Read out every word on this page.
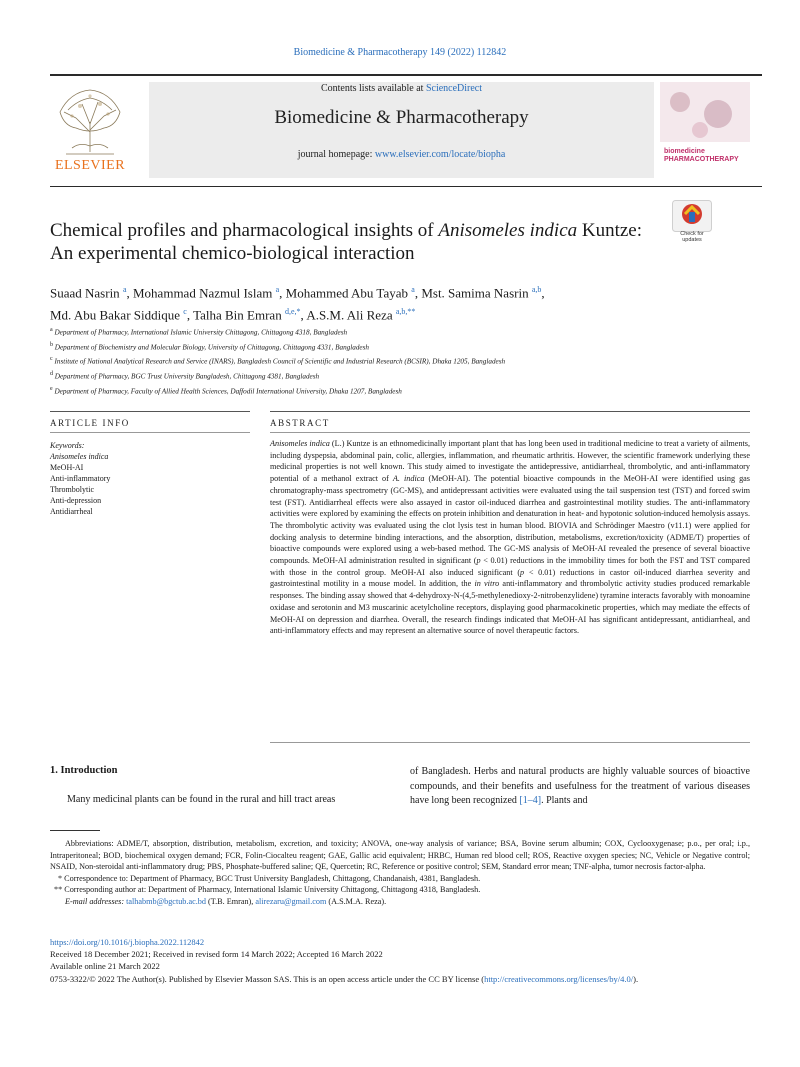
Biomedicine & Pharmacotherapy 149 (2022) 112842
ELSEVIER
Contents lists available at ScienceDirect
Biomedicine & Pharmacotherapy
journal homepage: www.elsevier.com/locate/biopha	biomedicine PHARMACOTHERAPY
Chemical profiles and pharmacological insights of Anisomeles indica Kuntze:
An experimental chemico-biological interaction
Check for updates
Suaad Nasrin $^a$, Mohammad Nazmul Islam $^a$, Mohammed Abu Tayab $^a$, Mst. Samima Nasrin $^{a,b}$,
Md. Abu Bakar Siddique $^c$, Talha Bin Emran $^{d,e,*}$, A.S.M. Ali Reza $^{a,b,**}$
$^a$ Department of Pharmacy, International Islamic University Chittagong, Chittagong 4318, Bangladesh
$^b$ Department of Biochemistry and Molecular Biology, University of Chittagong, Chittagong 4331, Bangladesh
$^c$ Institute of National Analytical Research and Service (INARS), Bangladesh Council of Scientific and Industrial Research (BCSIR), Dhaka 1205, Bangladesh
$^d$ Department of Pharmacy, BGC Trust University Bangladesh, Chittagong 4381, Bangladesh
$^e$ Department of Pharmacy, Faculty of Allied Health Sciences, Daffodil International University, Dhaka 1207, Bangladesh
ARTICLE INFO	ABSTRACT
Keywords:
Anisomeles indica
MeOH-AI
Anti-inflammatory
Thrombolytic
Anti-depression
Antidiarrheal
Anisomeles indica (L.) Kuntze is an ethnomedicinally important plant that has long been used in traditional medicine to treat a variety of ailments, including dyspepsia, abdominal pain, colic, allergies, inflammation, and rheumatic arthritis. However, the scientific framework underlying these medicinal properties is not well known. This study aimed to investigate the antidepressive, antidiarrheal, thrombolytic, and anti-inflammatory potential of a methanol extract of A. indica (MeOH-AI). The potential bioactive compounds in the MeOH-AI were identified using gas chromatography-mass spectrometry (GC-MS), and antidepressant activities were evaluated using the tail suspension test (TST) and forced swim test (FST). Antidiarrheal effects were also assayed in castor oil-induced diarrhea and gastrointestinal motility studies. The anti-inflammatory activities were explored by examining the effects on protein inhibition and denaturation in heat- and hypotonic solution-induced hemolysis assays. The thrombolytic activity was evaluated using the clot lysis test in human blood. BIOVIA and Schrödinger Maestro (v11.1) were applied for docking analysis to determine binding interactions, and the absorption, distribution, metabolisms, excretion/toxicity (ADME/T) properties of bioactive compounds were explored using a web-based method. The GC-MS analysis of MeOH-AI revealed the presence of several bioactive compounds. MeOH-AI administration resulted in significant (p < 0.01) reductions in the immobility times for both the FST and TST compared with those in the control group. MeOH-AI also induced significant (p < 0.01) reductions in castor oil-induced diarrhea severity and gastrointestinal motility in a mouse model. In addition, the in vitro anti-inflammatory and thrombolytic activity studies produced remarkable responses. The binding assay showed that 4-dehydroxy-N-(4,5-methylenedioxy-2-nitrobenzylidene) tyramine interacts favorably with monoamine oxidase and serotonin and M3 muscarinic acetylcholine receptors, displaying good pharmacokinetic properties, which may mediate the effects of MeOH-AI on depression and diarrhea. Overall, the research findings indicated that MeOH-AI has significant antidepressant, antidiarrheal, and anti-inflammatory effects and may represent an alternative source of novel therapeutic factors.
1. Introduction
Many medicinal plants can be found in the rural and hill tract areas
of Bangladesh. Herbs and natural products are highly valuable sources of bioactive compounds, and their benefits and usefulness for the treatment of various diseases have long been recognized [1–4]. Plants and

Abbreviations: ADME/T, absorption, distribution, metabolism, excretion, and toxicity; ANOVA, one-way analysis of variance; BSA, Bovine serum albumin; COX, Cyclooxygenase; p.o., per oral; i.p., Intraperitoneal; BOD, biochemical oxygen demand; FCR, Folin-Ciocalteu reagent; GAE, Gallic acid equivalent; HRBC, Human red blood cell; ROS, Reactive oxygen species; NC, Vehicle or Negative control; NSAID, Non-steroidal anti-inflammatory drug; PBS, Phosphate-buffered saline; QE, Quercetin; RC, Reference or positive control; SEM, Standard error mean; TNF-alpha, tumor necrosis factor-alpha.

* Correspondence to: Department of Pharmacy, BGC Trust University Bangladesh, Chittagong, Chandanaish, 4381, Bangladesh.

** Corresponding author at: Department of Pharmacy, International Islamic University Chittagong, Chittagong 4318, Bangladesh.

E-mail addresses: talhabmb@bgctub.ac.bd (T.B. Emran), alirezaru@gmail.com (A.S.M.A. Reza).

https://doi.org/10.1016/j.biopha.2022.112842

Received 18 December 2021; Received in revised form 14 March 2022; Accepted 16 March 2022

Available online 21 March 2022

0753-3322/© 2022 The Author(s). Published by Elsevier Masson SAS. This is an open access article under the CC BY license (http://creativecommons.org/licenses/by/4.0/).
